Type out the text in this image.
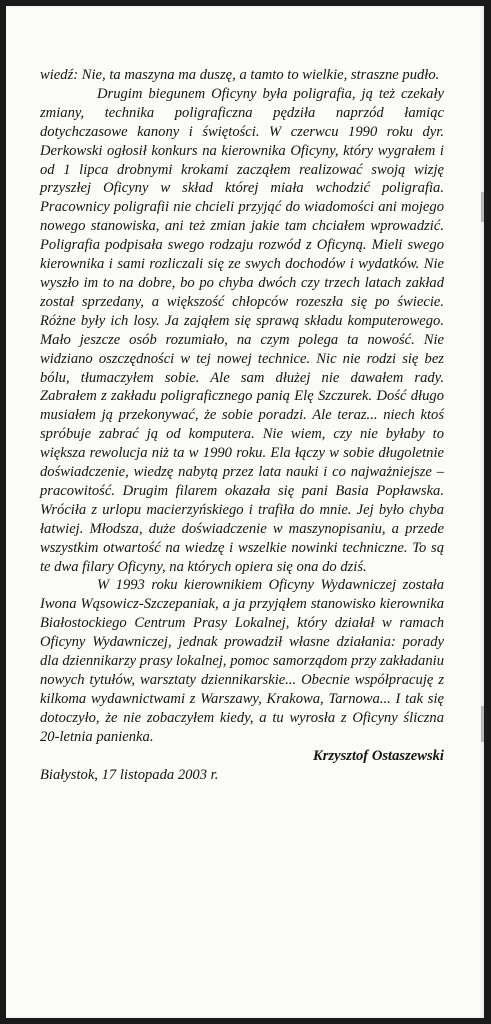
wiedź: Nie, ta maszyna ma duszę, a tamto to wielkie, straszne pudło.

Drugim biegunem Oficyny była poligrafia, ją też czekały zmiany, technika poligraficzna pędziła naprzód łamiąc dotychczasowe kanony i świętości. W czerwcu 1990 roku dyr. Derkowski ogłosił konkurs na kierownika Oficyny, który wygrałem i od 1 lipca drobnymi krokami zacząłem realizować swoją wizję przyszłej Oficyny w skład której miała wchodzić poligrafia. Pracownicy poligrafii nie chcieli przyjąć do wiadomości ani mojego nowego stanowiska, ani też zmian jakie tam chciałem wprowadzić. Poligrafia podpisała swego rodzaju rozwód z Oficyną. Mieli swego kierownika i sami rozliczali się ze swych dochodów i wydatków. Nie wyszło im to na dobre, bo po chyba dwóch czy trzech latach zakład został sprzedany, a większość chłopców rozeszła się po świecie. Różne były ich losy. Ja zająłem się sprawą składu komputerowego. Mało jeszcze osób rozumiało, na czym polega ta nowość. Nie widziano oszczędności w tej nowej technice. Nic nie rodzi się bez bólu, tłumaczyłem sobie. Ale sam dłużej nie dawałem rady. Zabrałem z zakładu poligraficznego panią Elę Szczurek. Dość długo musiałem ją przekonywać, że sobie poradzi. Ale teraz... niech ktoś spróbuje zabrać ją od komputera. Nie wiem, czy nie byłaby to większa rewolucja niż ta w 1990 roku. Ela łączy w sobie długoletnie doświadczenie, wiedzę nabytą przez lata nauki i co najważniejsze – pracowitość. Drugim filarem okazała się pani Basia Popławska. Wróciła z urlopu macierzyńskiego i trafiła do mnie. Jej było chyba łatwiej. Młodsza, duże doświadczenie w maszynopisaniu, a przede wszystkim otwartość na wiedzę i wszelkie nowinki techniczne. To są te dwa filary Oficyny, na których opiera się ona do dziś.

W 1993 roku kierownikiem Oficyny Wydawniczej została Iwona Wąsowicz-Szczepaniak, a ja przyjąłem stanowisko kierownika Białostockiego Centrum Prasy Lokalnej, który działał w ramach Oficyny Wydawniczej, jednak prowadził własne działania: porady dla dziennikarzy prasy lokalnej, pomoc samorządom przy zakładaniu nowych tytułów, warsztaty dziennikarskie... Obecnie współpracuję z kilkoma wydawnictwami z Warszawy, Krakowa, Tarnowa... I tak się dotoczyło, że nie zobaczyłem kiedy, a tu wyrosła z Oficyny śliczna 20-letnia panienka.

Krzysztof Ostaszewski

Białystok, 17 listopada 2003 r.
